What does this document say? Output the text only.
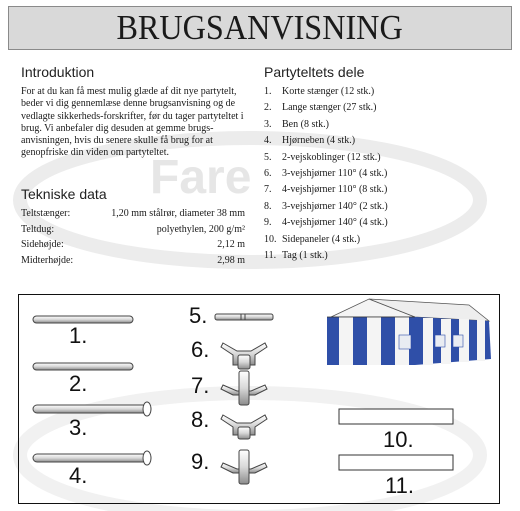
Fare
BRUGSANVISNING
Introduktion
For at du kan få mest mulig glæde af dit nye partytelt, beder vi dig gennemlæse denne brugsanvisning og de vedlagte sikkerheds-forskrifter, før du tager partyteltet i brug. Vi anbefaler dig desuden at gemme brugs-anvisningen, hvis du senere skulle få brug for at genopfriske din viden om partyteltet.
Tekniske data
Teltstænger:	1,20 mm stålrør, diameter 38 mm
Teltdug:	polyethylen, 200 g/m²
Sidehøjde:	2,12 m
Midterhøjde:	2,98 m
Partyteltets dele
1.	Korte stænger (12 stk.)
2.	Lange stænger (27 stk.)
3.	Ben (8 stk.)
4.	Hjørneben (4 stk.)
5.	2-vejskoblinger (12 stk.)
6.	3-vejshjørner 110° (4 stk.)
7.	4-vejshjørner 110° (8 stk.)
8.	3-vejshjørner 140° (2 stk.)
9.	4-vejshjørner 140° (4 stk.)
10. Sidepaneler (4 stk.)
11. Tag (1 stk.)
1.
2.
3.
4.
5.
6.
7.
8.
9.
10.
11.
